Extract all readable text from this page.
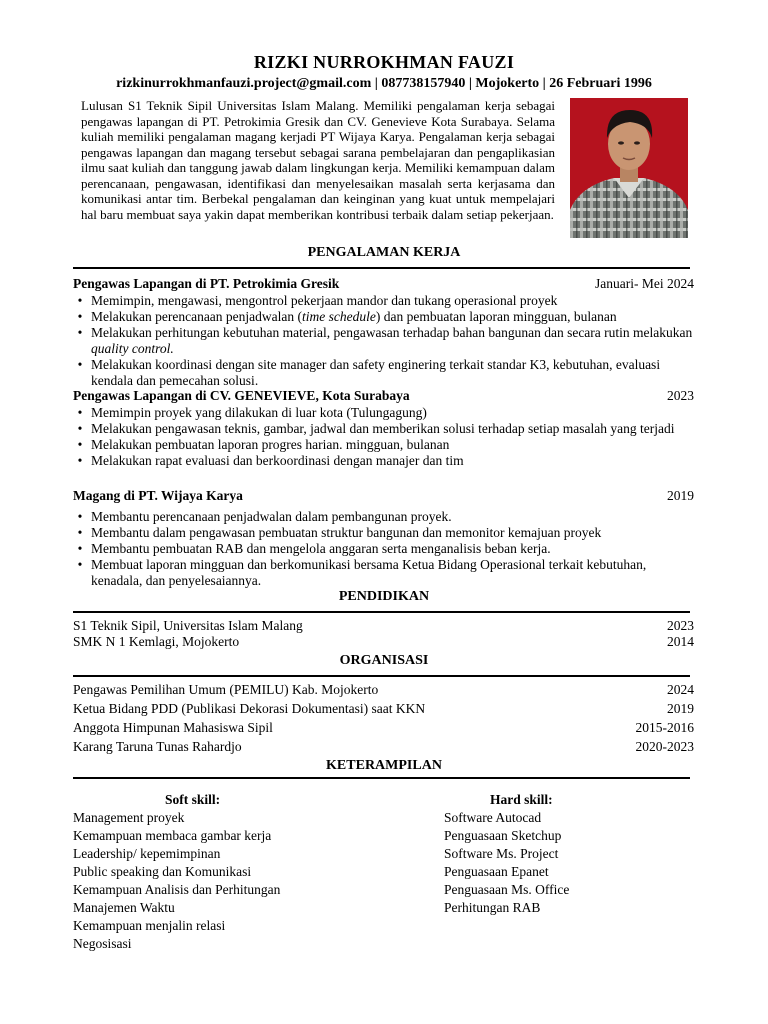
RIZKI NURROKHMAN FAUZI
rizkinurrokhmanfauzi.project@gmail.com | 087738157940 | Mojokerto | 26 Februari 1996
Lulusan S1 Teknik Sipil Universitas Islam Malang. Memiliki pengalaman kerja sebagai pengawas lapangan di PT. Petrokimia Gresik dan CV. Genevieve Kota Surabaya. Selama kuliah memiliki pengalaman magang kerjadi PT Wijaya Karya. Pengalaman kerja sebagai pengawas lapangan dan magang tersebut sebagai sarana pembelajaran dan pengaplikasian ilmu saat kuliah dan tanggung jawab dalam lingkungan kerja. Memiliki kemampuan dalam perencanaan, pengawasan, identifikasi dan menyelesaikan masalah serta kerjasama dan komunikasi antar tim. Berbekal pengalaman dan keinginan yang kuat untuk mempelajari hal baru membuat saya yakin dapat memberikan kontribusi terbaik dalam setiap pekerjaan.
PENGALAMAN KERJA
Pengawas Lapangan di PT. Petrokimia Gresik	Januari- Mei 2024
• Memimpin, mengawasi, mengontrol pekerjaan mandor dan tukang operasional proyek
• Melakukan perencanaan penjadwalan (time schedule) dan pembuatan laporan mingguan, bulanan
• Melakukan perhitungan kebutuhan material, pengawasan terhadap bahan bangunan dan secara rutin melakukan quality control.
• Melakukan koordinasi dengan site manager dan safety enginering terkait standar K3, kebutuhan, evaluasi kendala dan pemecahan solusi.
Pengawas Lapangan di CV. GENEVIEVE, Kota Surabaya	2023
• Memimpin proyek yang dilakukan di luar kota (Tulungagung)
• Melakukan pengawasan teknis, gambar, jadwal dan memberikan solusi terhadap setiap masalah yang terjadi
• Melakukan pembuatan laporan progres harian. mingguan, bulanan
• Melakukan rapat evaluasi dan berkoordinasi dengan manajer dan tim
Magang di PT. Wijaya Karya	2019
• Membantu perencanaan penjadwalan dalam pembangunan proyek.
• Membantu dalam pengawasan pembuatan struktur bangunan dan memonitor kemajuan proyek
• Membantu pembuatan RAB dan mengelola anggaran serta menganalisis beban kerja.
• Membuat laporan mingguan dan berkomunikasi bersama Ketua Bidang Operasional terkait kebutuhan, kenadala, dan penyelesaiannya.
PENDIDIKAN
S1 Teknik Sipil, Universitas Islam Malang	2023
SMK N 1 Kemlagi, Mojokerto	2014
ORGANISASI
Pengawas Pemilihan Umum (PEMILU) Kab. Mojokerto	2024
Ketua Bidang PDD (Publikasi Dekorasi Dokumentasi) saat KKN	2019
Anggota Himpunan Mahasiswa Sipil	2015-2016
Karang Taruna Tunas Rahardjo	2020-2023
KETERAMPILAN
Soft skill:
Management proyek
Kemampuan membaca gambar kerja
Leadership/ kepemimpinan
Public speaking dan Komunikasi
Kemampuan Analisis dan Perhitungan
Manajemen Waktu
Kemampuan menjalin relasi
Negosisasi
Hard skill:
Software Autocad
Penguasaan Sketchup
Software Ms. Project
Penguasaan Epanet
Penguasaan Ms. Office
Perhitungan RAB
